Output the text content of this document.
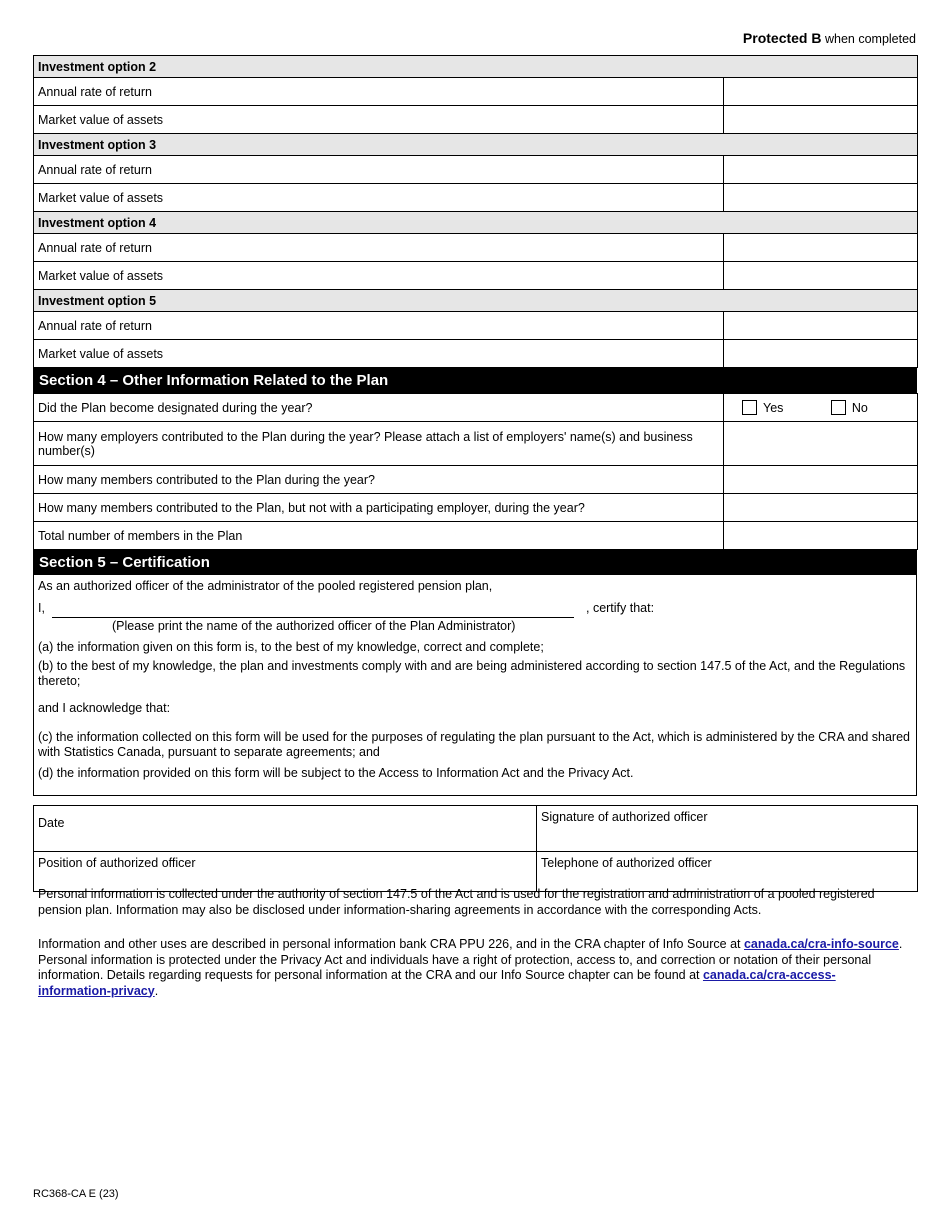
Protected B when completed
Investment option 2	
Annual rate of return	
Market value of assets	
Investment option 3	
Annual rate of return	
Market value of assets	
Investment option 4	
Annual rate of return	
Market value of assets	
Investment option 5	
Annual rate of return	
Market value of assets	
Section 4 – Other Information Related to the Plan
Did the Plan become designated during the year?	Yes No
How many employers contributed to the Plan during the year? Please attach a list of employers' name(s) and business number(s)	
How many members contributed to the Plan during the year?	
How many members contributed to the Plan, but not with a participating employer, during the year?	
Total number of members in the Plan	
Section 5 – Certification

As an authorized officer of the administrator of the pooled registered pension plan,

I,	, certify that:

(Please print the name of the authorized officer of the Plan Administrator)

(a) the information given on this form is, to the best of my knowledge, correct and complete;

(b) to the best of my knowledge, the plan and investments comply with and are being administered according to section 147.5 of the Act, and the Regulations thereto;

and I acknowledge that:

(c) the information collected on this form will be used for the purposes of regulating the plan pursuant to the Act, which is administered by the CRA and shared with Statistics Canada, pursuant to separate agreements; and

(d) the information provided on this form will be subject to the Access to Information Act and the Privacy Act.

Date	Signature of authorized officer
Position of authorized officer	Telephone of authorized officer
Personal information is collected under the authority of section 147.5 of the Act and is used for the registration and administration of a pooled registered pension plan. Information may also be disclosed under information-sharing agreements in accordance with the corresponding Acts.
Information and other uses are described in personal information bank CRA PPU 226, and in the CRA chapter of Info Source at canada.ca/cra-info-source. Personal information is protected under the Privacy Act and individuals have a right of protection, access to, and correction or notation of their personal information. Details regarding requests for personal information at the CRA and our Info Source chapter can be found at canada.ca/cra-access-information-privacy.
RC368-CA E (23)
